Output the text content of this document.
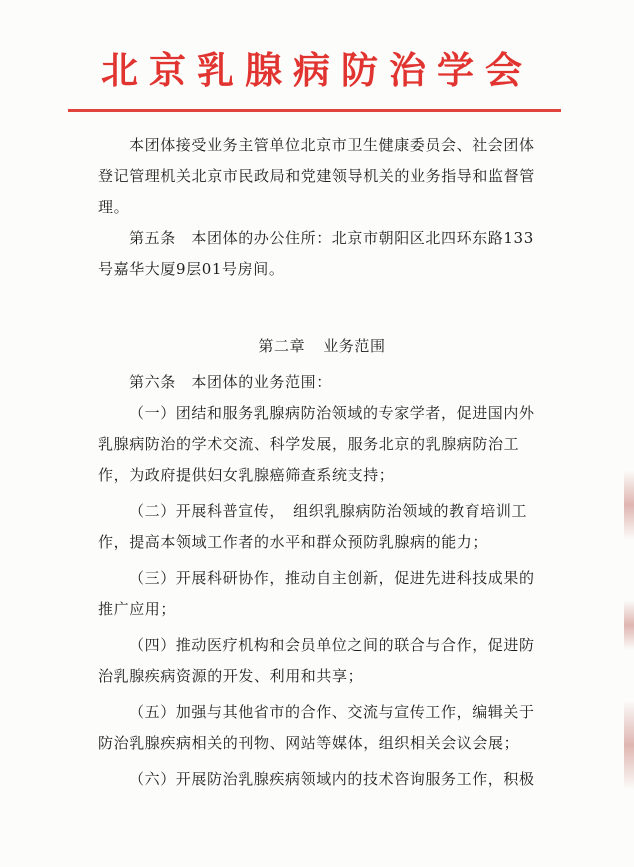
北京乳腺病防治学会

本团体接受业务主管单位北京市卫生健康委员会、社会团体登记管理机关北京市民政局和党建领导机关的业务指导和监督管理。

第五条　本团体的办公住所：北京市朝阳区北四环东路133号嘉华大厦9层01号房间。

第二章 业务范围

第六条　本团体的业务范围：

（一）团结和服务乳腺病防治领域的专家学者，促进国内外乳腺病防治的学术交流、科学发展，服务北京的乳腺病防治工作，为政府提供妇女乳腺癌筛查系统支持；

（二）开展科普宣传，　组织乳腺病防治领域的教育培训工作，提高本领域工作者的水平和群众预防乳腺病的能力；

（三）开展科研协作，推动自主创新，促进先进科技成果的推广应用；

（四）推动医疗机构和会员单位之间的联合与合作，促进防治乳腺疾病资源的开发、利用和共享；

（五）加强与其他省市的合作、交流与宣传工作，编辑关于防治乳腺疾病相关的刊物、网站等媒体，组织相关会议会展；

（六）开展防治乳腺疾病领域内的技术咨询服务工作，积极
